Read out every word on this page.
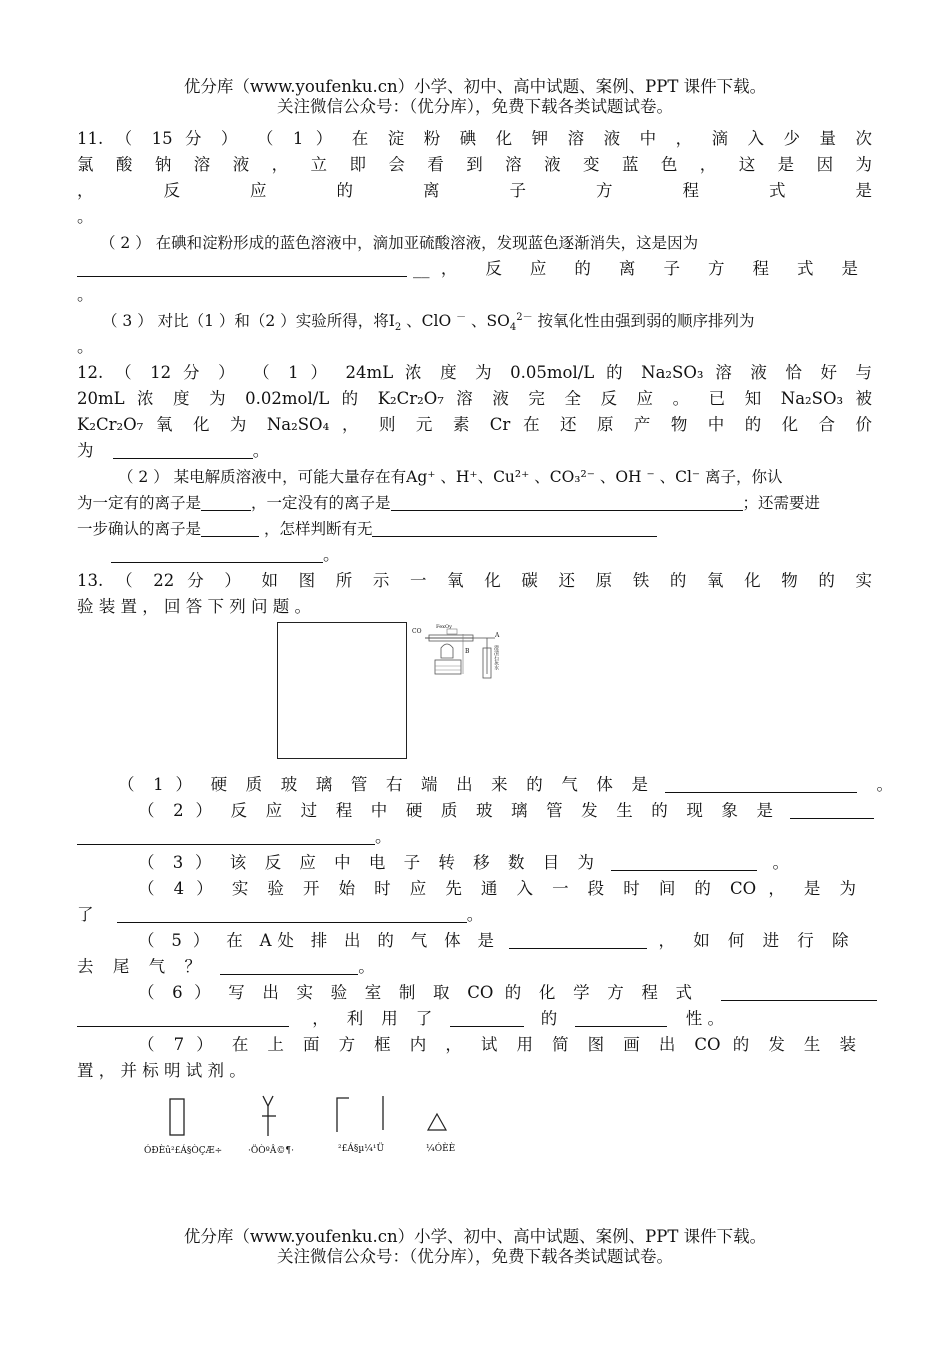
优分库（www.youfenku.cn）小学、初中、高中试题、案例、PPT 课件下载。
关注微信公众号：（优分库），免费下载各类试题试卷。
11. （ 15 分 ） （ 1 ） 在 淀 粉 碘 化 钾 溶 液 中 ， 滴 入 少 量 次
氯 酸 钠 溶 液 ， 立 即 会 看 到 溶 液 变 蓝 色 ， 这 是 因 为
， 反 应 的 离 子 方 程 式 是
。
（ 2 ） 在碘和淀粉形成的蓝色溶液中，滴加亚硫酸溶液，发现蓝色逐渐消失，这是因为
__， 反 应 的 离 子 方 程 式 是
。
（ 3 ） 对比（1 ）和（2 ）实验所得，将$I_2$ 、ClO － 、$SO_4^{2-}$ 按氧化性由强到弱的顺序排列为
。
12. （ 12 分 ） （ 1 ） 24mL 浓 度 为 0.05mol/L 的 Na₂SO₃ 溶 液 恰 好 与
20mL 浓 度 为 0.02mol/L 的 K₂Cr₂O₇ 溶 液 完 全 反 应 。 已 知 Na₂SO₃ 被
K₂Cr₂O₇ 氧 化 为 Na₂SO₄ ， 则 元 素 Cr 在 还 原 产 物 中 的 化 合 价
为	。
（ 2 ） 某电解质溶液中，可能大量存在有Ag⁺ 、H⁺、Cu²⁺ 、CO₃²⁻ 、OH ⁻ 、Cl⁻ 离子，你认
为一定有的离子是	，一定没有的离子是	；还需要进
一步确认的离子是	，怎样判断有无
。
13. （ 22 分 ） 如 图 所 示 一 氧 化 碳 还 原 铁 的 氧 化 物 的 实
验 装 置 ， 回 答 下 列 问 题 。
CO
FexOy
A
B	澄清石灰水
（ 1 ） 硬 质 玻 璃 管 右 端 出 来 的 气 体 是	。
（ 2 ） 反 应 过 程 中 硬 质 玻 璃 管 发 生 的 现 象 是
。
（ 3 ） 该 反 应 中 电 子 转 移 数 目 为	。
（ 4 ） 实 验 开 始 时 应 先 通 入 一 段 时 间 的 CO ， 是 为
了	。
（ 5 ） 在 A处 排 出 的 气 体 是	， 如 何 进 行 除
去 尾 气 ？	。
（ 6 ） 写 出 实 验 室 制 取 CO 的 化 学 方 程 式
， 利 用 了	的	性 。
（ 7 ） 在 上 面 方 框 内 ， 试 用 简 图 画 出 CO 的 发 生 装
置 ， 并 标 明 试 剂 。
ÓÐÈû²£Á§ÒÇÆ÷	·ÖÒºÂ©¶·	²£Á§µ¼¹Ü	¼ÓÈÈ
优分库（www.youfenku.cn）小学、初中、高中试题、案例、PPT 课件下载。
关注微信公众号：（优分库），免费下载各类试题试卷。
